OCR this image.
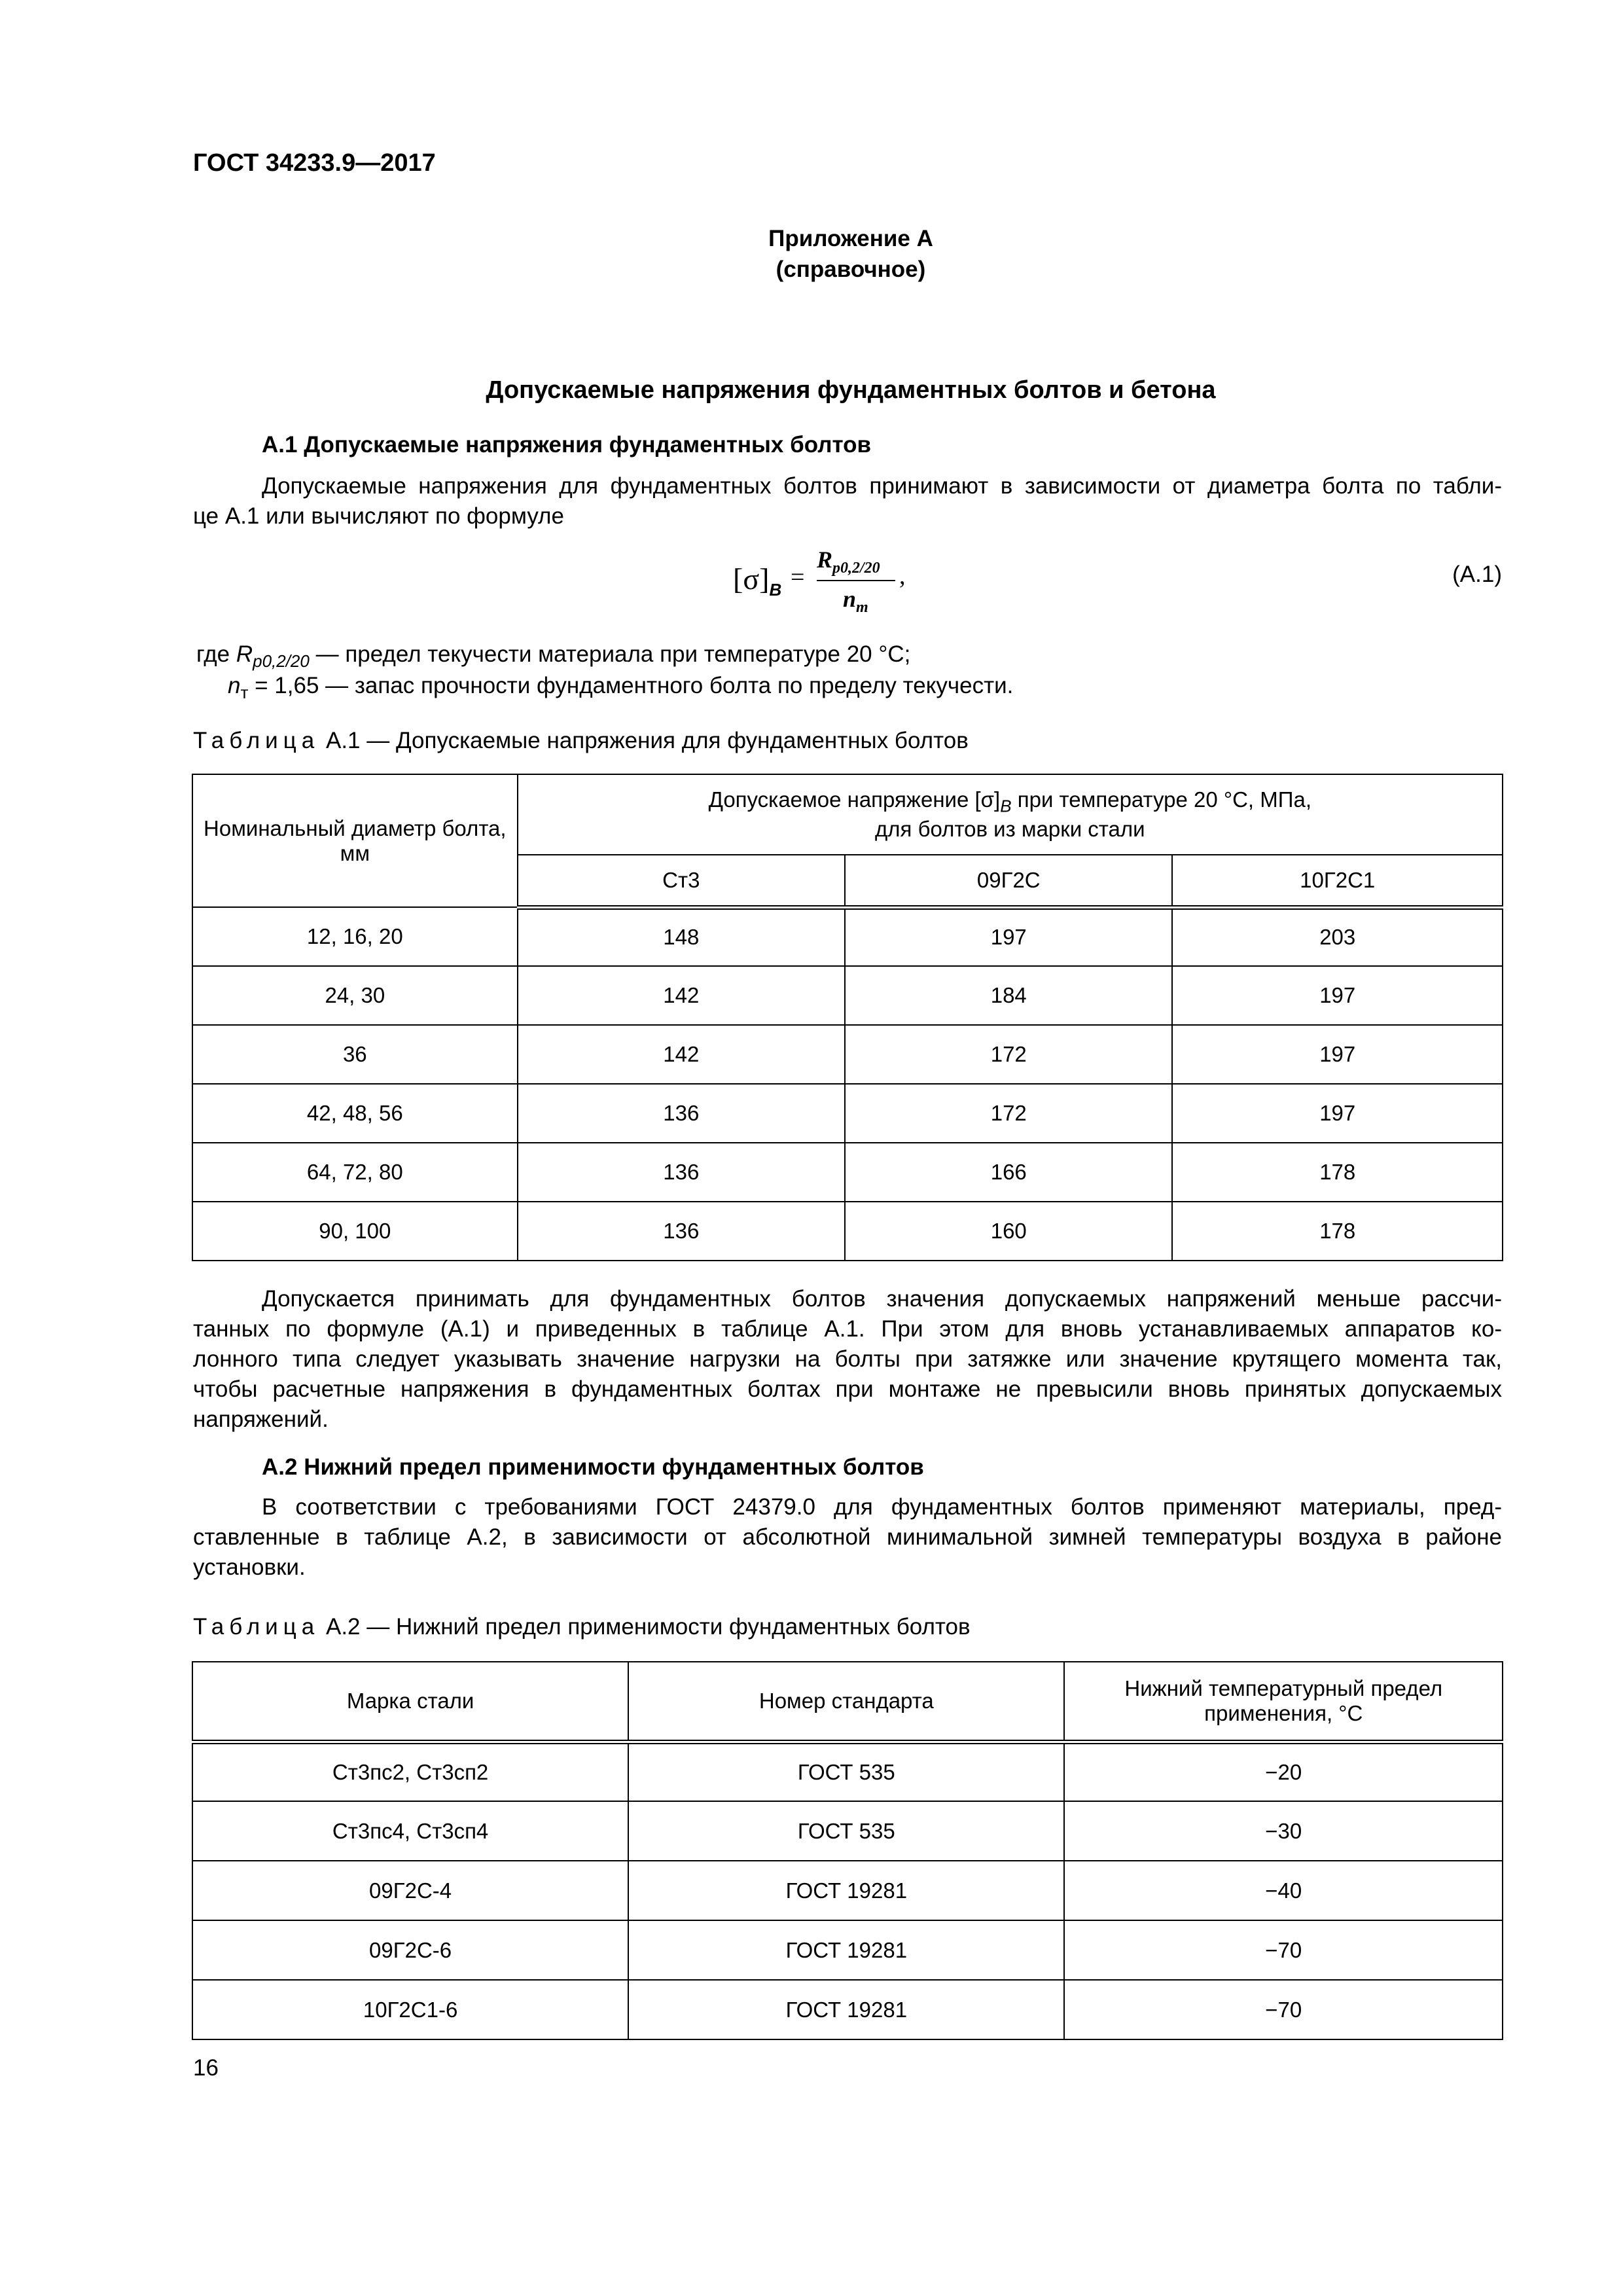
ГОСТ 34233.9—2017
Приложение А
(справочное)
Допускаемые напряжения фундаментных болтов и бетона
А.1 Допускаемые напряжения фундаментных болтов
Допускаемые напряжения для фундаментных болтов принимают в зависимости от диаметра болта по табли-
це А.1 или вычисляют по формуле
$[\sigma]_B$ =
$R_{p0,2/20}$
$n_т$
,	(А.1)
где $R_{p0,2/20}$ — предел текучести материала при температуре 20 °С;
$n_т = 1,65$ — запас прочности фундаментного болта по пределу текучести.
Таблица А.1 — Допускаемые напряжения для фундаментных болтов
Номинальный диаметр болта, мм	Допускаемое напряжение $[\sigma]_B$ при температуре 20 °С, МПа,
для болтов из марки стали		
	Ст3	09Г2С	10Г2С1
12, 16, 20	148	197	203
24, 30	142	184	197
36	142	172	197
42, 48, 56	136	172	197
64, 72, 80	136	166	178
90, 100	136	160	178
Допускается принимать для фундаментных болтов значения допускаемых напряжений меньше рассчи-
танных по формуле (А.1) и приведенных в таблице А.1. При этом для вновь устанавливаемых аппаратов ко-
лонного типа следует указывать значение нагрузки на болты при затяжке или значение крутящего момента так,
чтобы расчетные напряжения в фундаментных болтах при монтаже не превысили вновь принятых допускаемых
напряжений.
А.2 Нижний предел применимости фундаментных болтов
В соответствии с требованиями ГОСТ 24379.0 для фундаментных болтов применяют материалы, пред-
ставленные в таблице А.2, в зависимости от абсолютной минимальной зимней температуры воздуха в районе
установки.
Таблица А.2 — Нижний предел применимости фундаментных болтов
Марка стали	Номер стандарта	Нижний температурный предел применения, °С
Ст3пс2, Ст3сп2	ГОСТ 535	−20
Ст3пс4, Ст3сп4	ГОСТ 535	−30
09Г2С-4	ГОСТ 19281	−40
09Г2С-6	ГОСТ 19281	−70
10Г2С1-6	ГОСТ 19281	−70
16
